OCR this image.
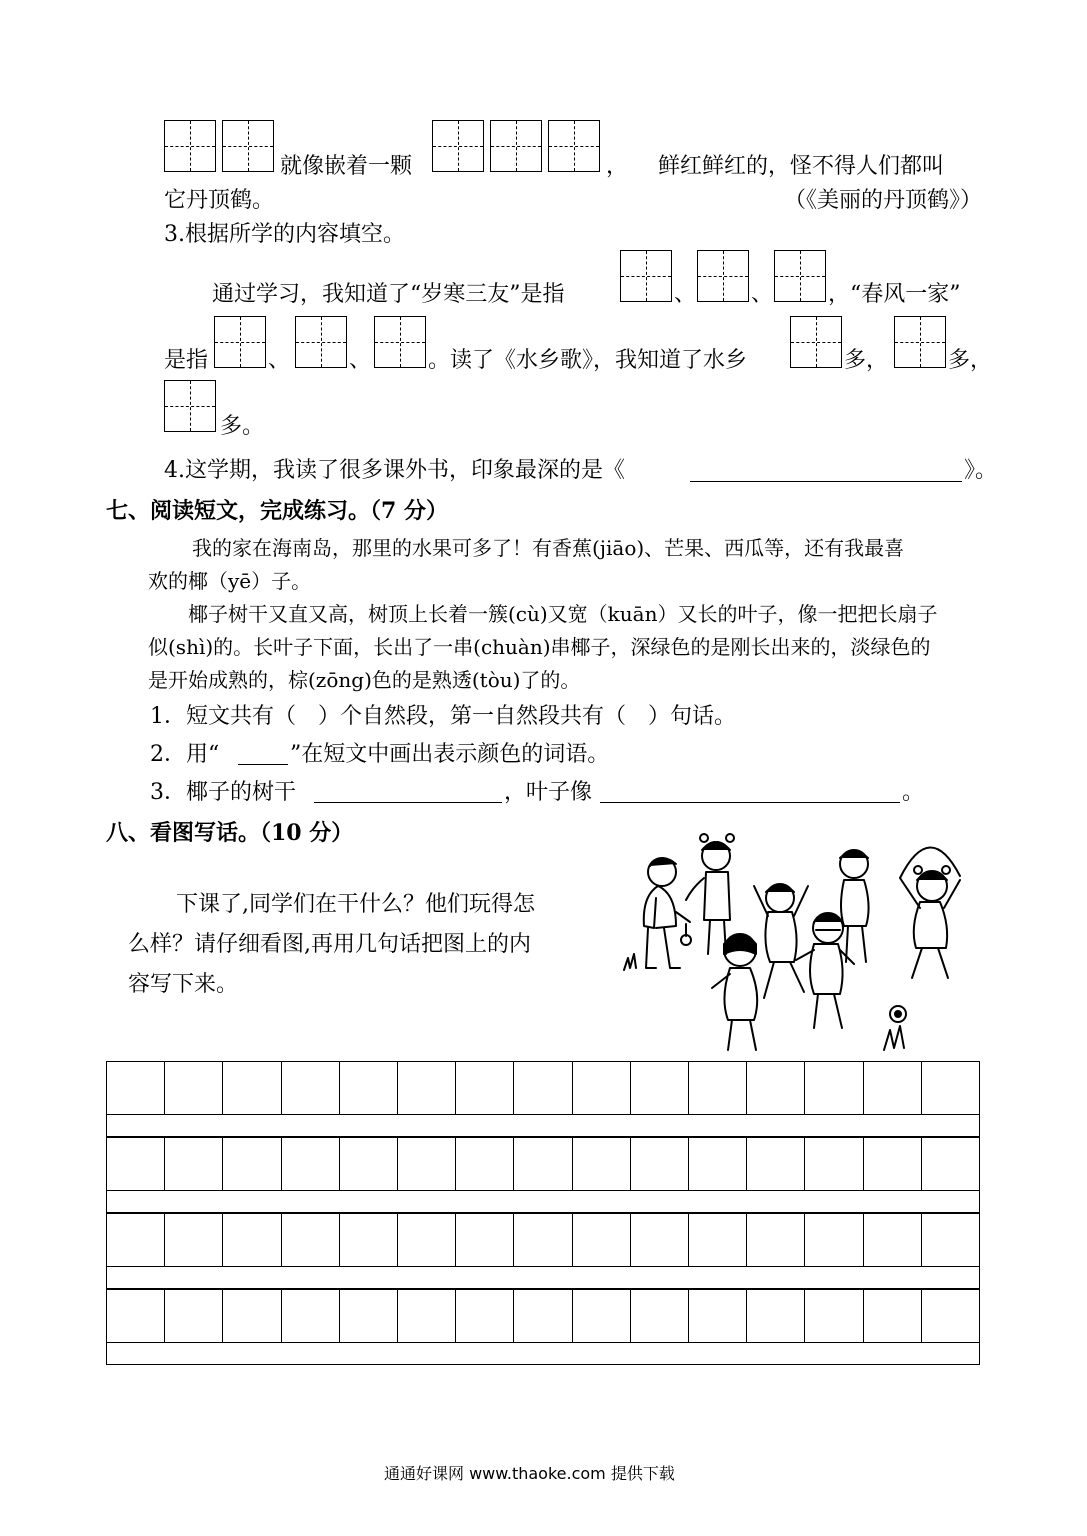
就像嵌着一颗	， 鲜红鲜红的，怪不得人们都叫
它丹顶鹤。	（《美丽的丹顶鹤》）
3.根据所学的内容填空。
通过学习，我知道了“岁寒三友”是指	、 、 ，“春风一家”
是指	、	、	。读了《水乡歌》，我知道了水乡	多，	多，
多。
4.这学期，我读了很多课外书，印象最深的是《	》。
七、阅读短文，完成练习。（7 分）
我的家在海南岛，那里的水果可多了！有香蕉(jiāo)、芒果、西瓜等，还有我最喜
欢的椰（yē）子。
椰子树干又直又高，树顶上长着一簇(cù)又宽（kuān）又长的叶子，像一把把长扇子
似(shì)的。长叶子下面，长出了一串(chuàn)串椰子，深绿色的是刚长出来的，淡绿色的
是开始成熟的，棕(zōng)色的是熟透(tòu)了的。
1．短文共有（　）个自然段，第一自然段共有（　）句话。
2．用“	”在短文中画出表示颜色的词语。
3．椰子的树干	，叶子像	。
八、看图写话。（10 分）
下课了,同学们在干什么？他们玩得怎
么样？请仔细看图,再用几句话把图上的内
容写下来。
通通好课网 www.thaoke.com 提供下载
